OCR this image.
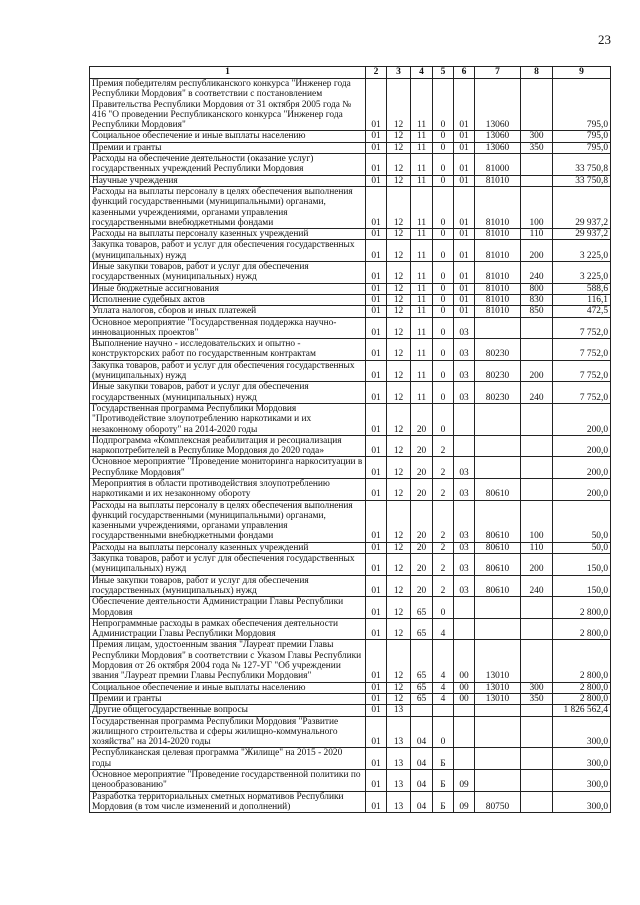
23
1	2	3	4	5	6	7	8	9
Премия победителям республиканского конкурса "Инженер года Республики Мордовия" в соответствии с постановлением Правительства Республики Мордовия от 31 октября 2005 года № 416 "О проведении Республиканского конкурса "Инженер года Республики Мордовия"	01	12	11	0	01	13060		795,0
Социальное обеспечение и иные выплаты населению	01	12	11	0	01	13060	300	795,0
Премии и гранты	01	12	11	0	01	13060	350	795,0
Расходы на обеспечение деятельности (оказание услуг) государственных учреждений Республики Мордовия	01	12	11	0	01	81000		33 750,8
Научные учреждения	01	12	11	0	01	81010		33 750,8
Расходы на выплаты персоналу в целях обеспечения выполнения функций государственными (муниципальными) органами, казенными учреждениями, органами управления государственными внебюджетными фондами	01	12	11	0	01	81010	100	29 937,2
Расходы на выплаты персоналу казенных учреждений	01	12	11	0	01	81010	110	29 937,2
Закупка товаров, работ и услуг для обеспечения государственных (муниципальных) нужд	01	12	11	0	01	81010	200	3 225,0
Иные закупки товаров, работ и услуг для обеспечения государственных (муниципальных) нужд	01	12	11	0	01	81010	240	3 225,0
Иные бюджетные ассигнования	01	12	11	0	01	81010	800	588,6
Исполнение судебных актов	01	12	11	0	01	81010	830	116,1
Уплата налогов, сборов и иных платежей	01	12	11	0	01	81010	850	472,5
Основное мероприятие "Государственная поддержка научно-инновационных проектов"	01	12	11	0	03			7 752,0
Выполнение научно - исследовательских и опытно - конструкторских работ по государственным контрактам	01	12	11	0	03	80230		7 752,0
Закупка товаров, работ и услуг для обеспечения государственных (муниципальных) нужд	01	12	11	0	03	80230	200	7 752,0
Иные закупки товаров, работ и услуг для обеспечения государственных (муниципальных) нужд	01	12	11	0	03	80230	240	7 752,0
Государственная программа Республики Мордовия "Противодействие злоупотреблению наркотиками и их незаконному обороту" на 2014-2020 годы	01	12	20	0				200,0
Подпрограмма «Комплексная реабилитация и ресоциализация наркопотребителей в Республике Мордовия до 2020 года»	01	12	20	2				200,0
Основное мероприятие "Проведение мониторинга наркоситуации в Республике Мордовия"	01	12	20	2	03			200,0
Мероприятия в области противодействия злоупотреблению наркотиками и их незаконному обороту	01	12	20	2	03	80610		200,0
Расходы на выплаты персоналу в целях обеспечения выполнения функций государственными (муниципальными) органами, казенными учреждениями, органами управления государственными внебюджетными фондами	01	12	20	2	03	80610	100	50,0
Расходы на выплаты персоналу казенных учреждений	01	12	20	2	03	80610	110	50,0
Закупка товаров, работ и услуг для обеспечения государственных (муниципальных) нужд	01	12	20	2	03	80610	200	150,0
Иные закупки товаров, работ и услуг для обеспечения государственных (муниципальных) нужд	01	12	20	2	03	80610	240	150,0
Обеспечение деятельности Администрации Главы Республики Мордовия	01	12	65	0				2 800,0
Непрограммные расходы в рамках обеспечения деятельности Администрации Главы Республики Мордовия	01	12	65	4				2 800,0
Премия лицам, удостоенным звания "Лауреат премии Главы Республики Мордовия" в соответствии с Указом Главы Республики Мордовия от 26 октября 2004 года № 127-УГ "Об учреждении звания "Лауреат премии Главы Республики Мордовия"	01	12	65	4	00	13010		2 800,0
Социальное обеспечение и иные выплаты населению	01	12	65	4	00	13010	300	2 800,0
Премии и гранты	01	12	65	4	00	13010	350	2 800,0
Другие общегосударственные вопросы	01	13						1 826 562,4
Государственная программа Республики Мордовия "Развитие жилищного строительства и сферы жилищно-коммунального хозяйства" на 2014-2020 годы	01	13	04	0				300,0
Республиканская целевая программа "Жилище" на 2015 - 2020 годы	01	13	04	Б				300,0
Основное мероприятие "Проведение государственной политики по ценообразованию"	01	13	04	Б	09			300,0
Разработка территориальных сметных нормативов Республики Мордовия (в том числе изменений и дополнений)	01	13	04	Б	09	80750		300,0
